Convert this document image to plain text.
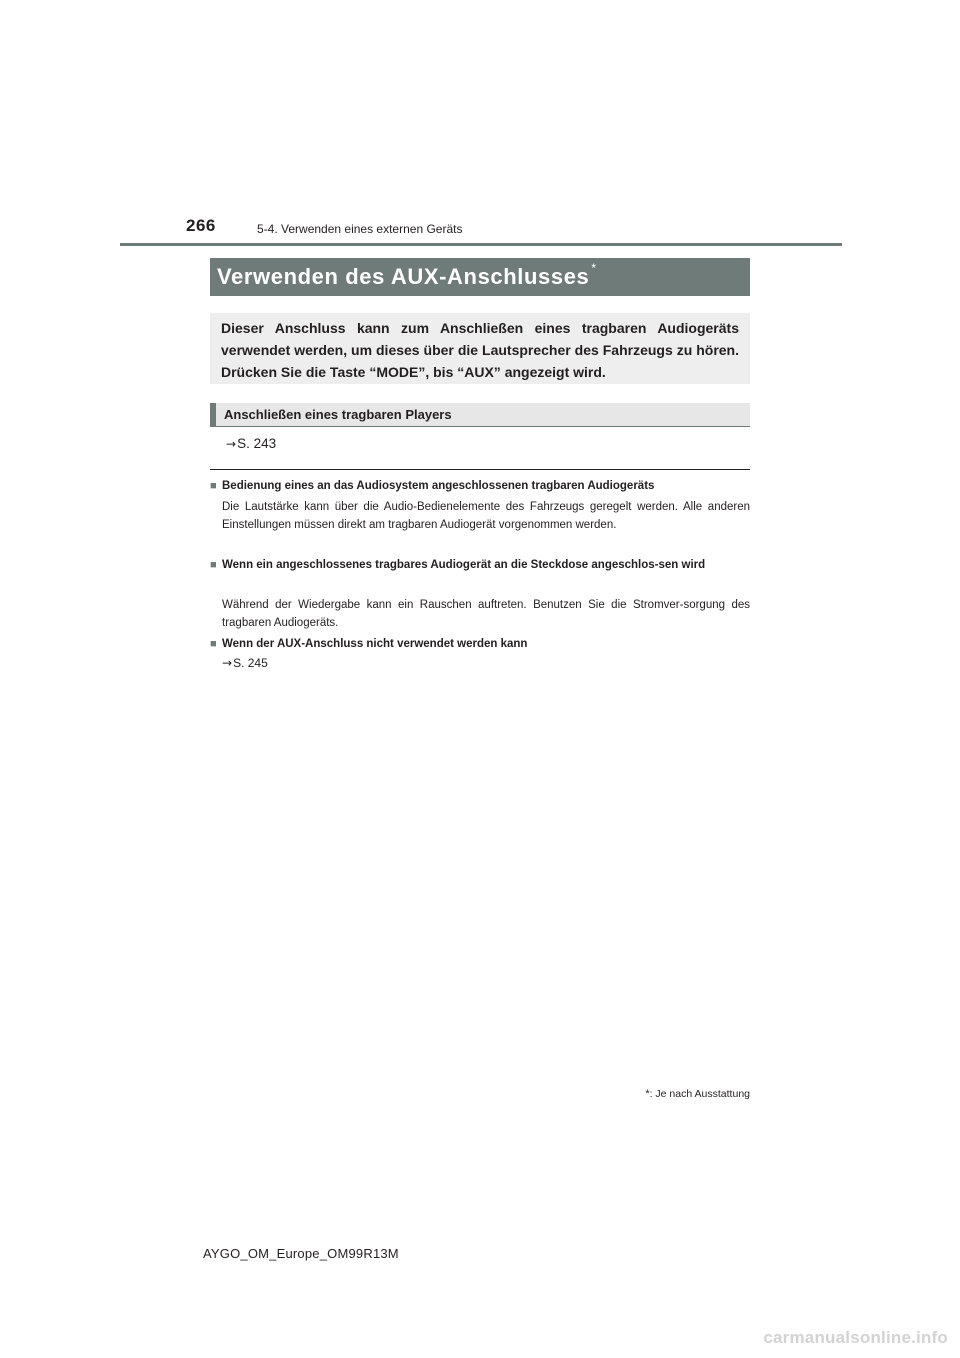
266	5-4. Verwenden eines externen Geräts
Verwenden des AUX-Anschlusses *
Dieser Anschluss kann zum Anschließen eines tragbaren Audiogeräts verwendet werden, um dieses über die Lautsprecher des Fahrzeugs zu hören. Drücken Sie die Taste “MODE”, bis “AUX” angezeigt wird.
Anschließen eines tragbaren Players
→S. 243
■ Bedienung eines an das Audiosystem angeschlossenen tragbaren Audiogeräts
Die Lautstärke kann über die Audio-Bedienelemente des Fahrzeugs geregelt werden. Alle anderen Einstellungen müssen direkt am tragbaren Audiogerät vorgenommen werden.
■ Wenn ein angeschlossenes tragbares Audiogerät an die Steckdose angeschlos-sen wird
Während der Wiedergabe kann ein Rauschen auftreten. Benutzen Sie die Stromver-sorgung des tragbaren Audiogeräts.
■ Wenn der AUX-Anschluss nicht verwendet werden kann
→S. 245
*: Je nach Ausstattung
AYGO_OM_Europe_OM99R13M
carmanualsonline.info
